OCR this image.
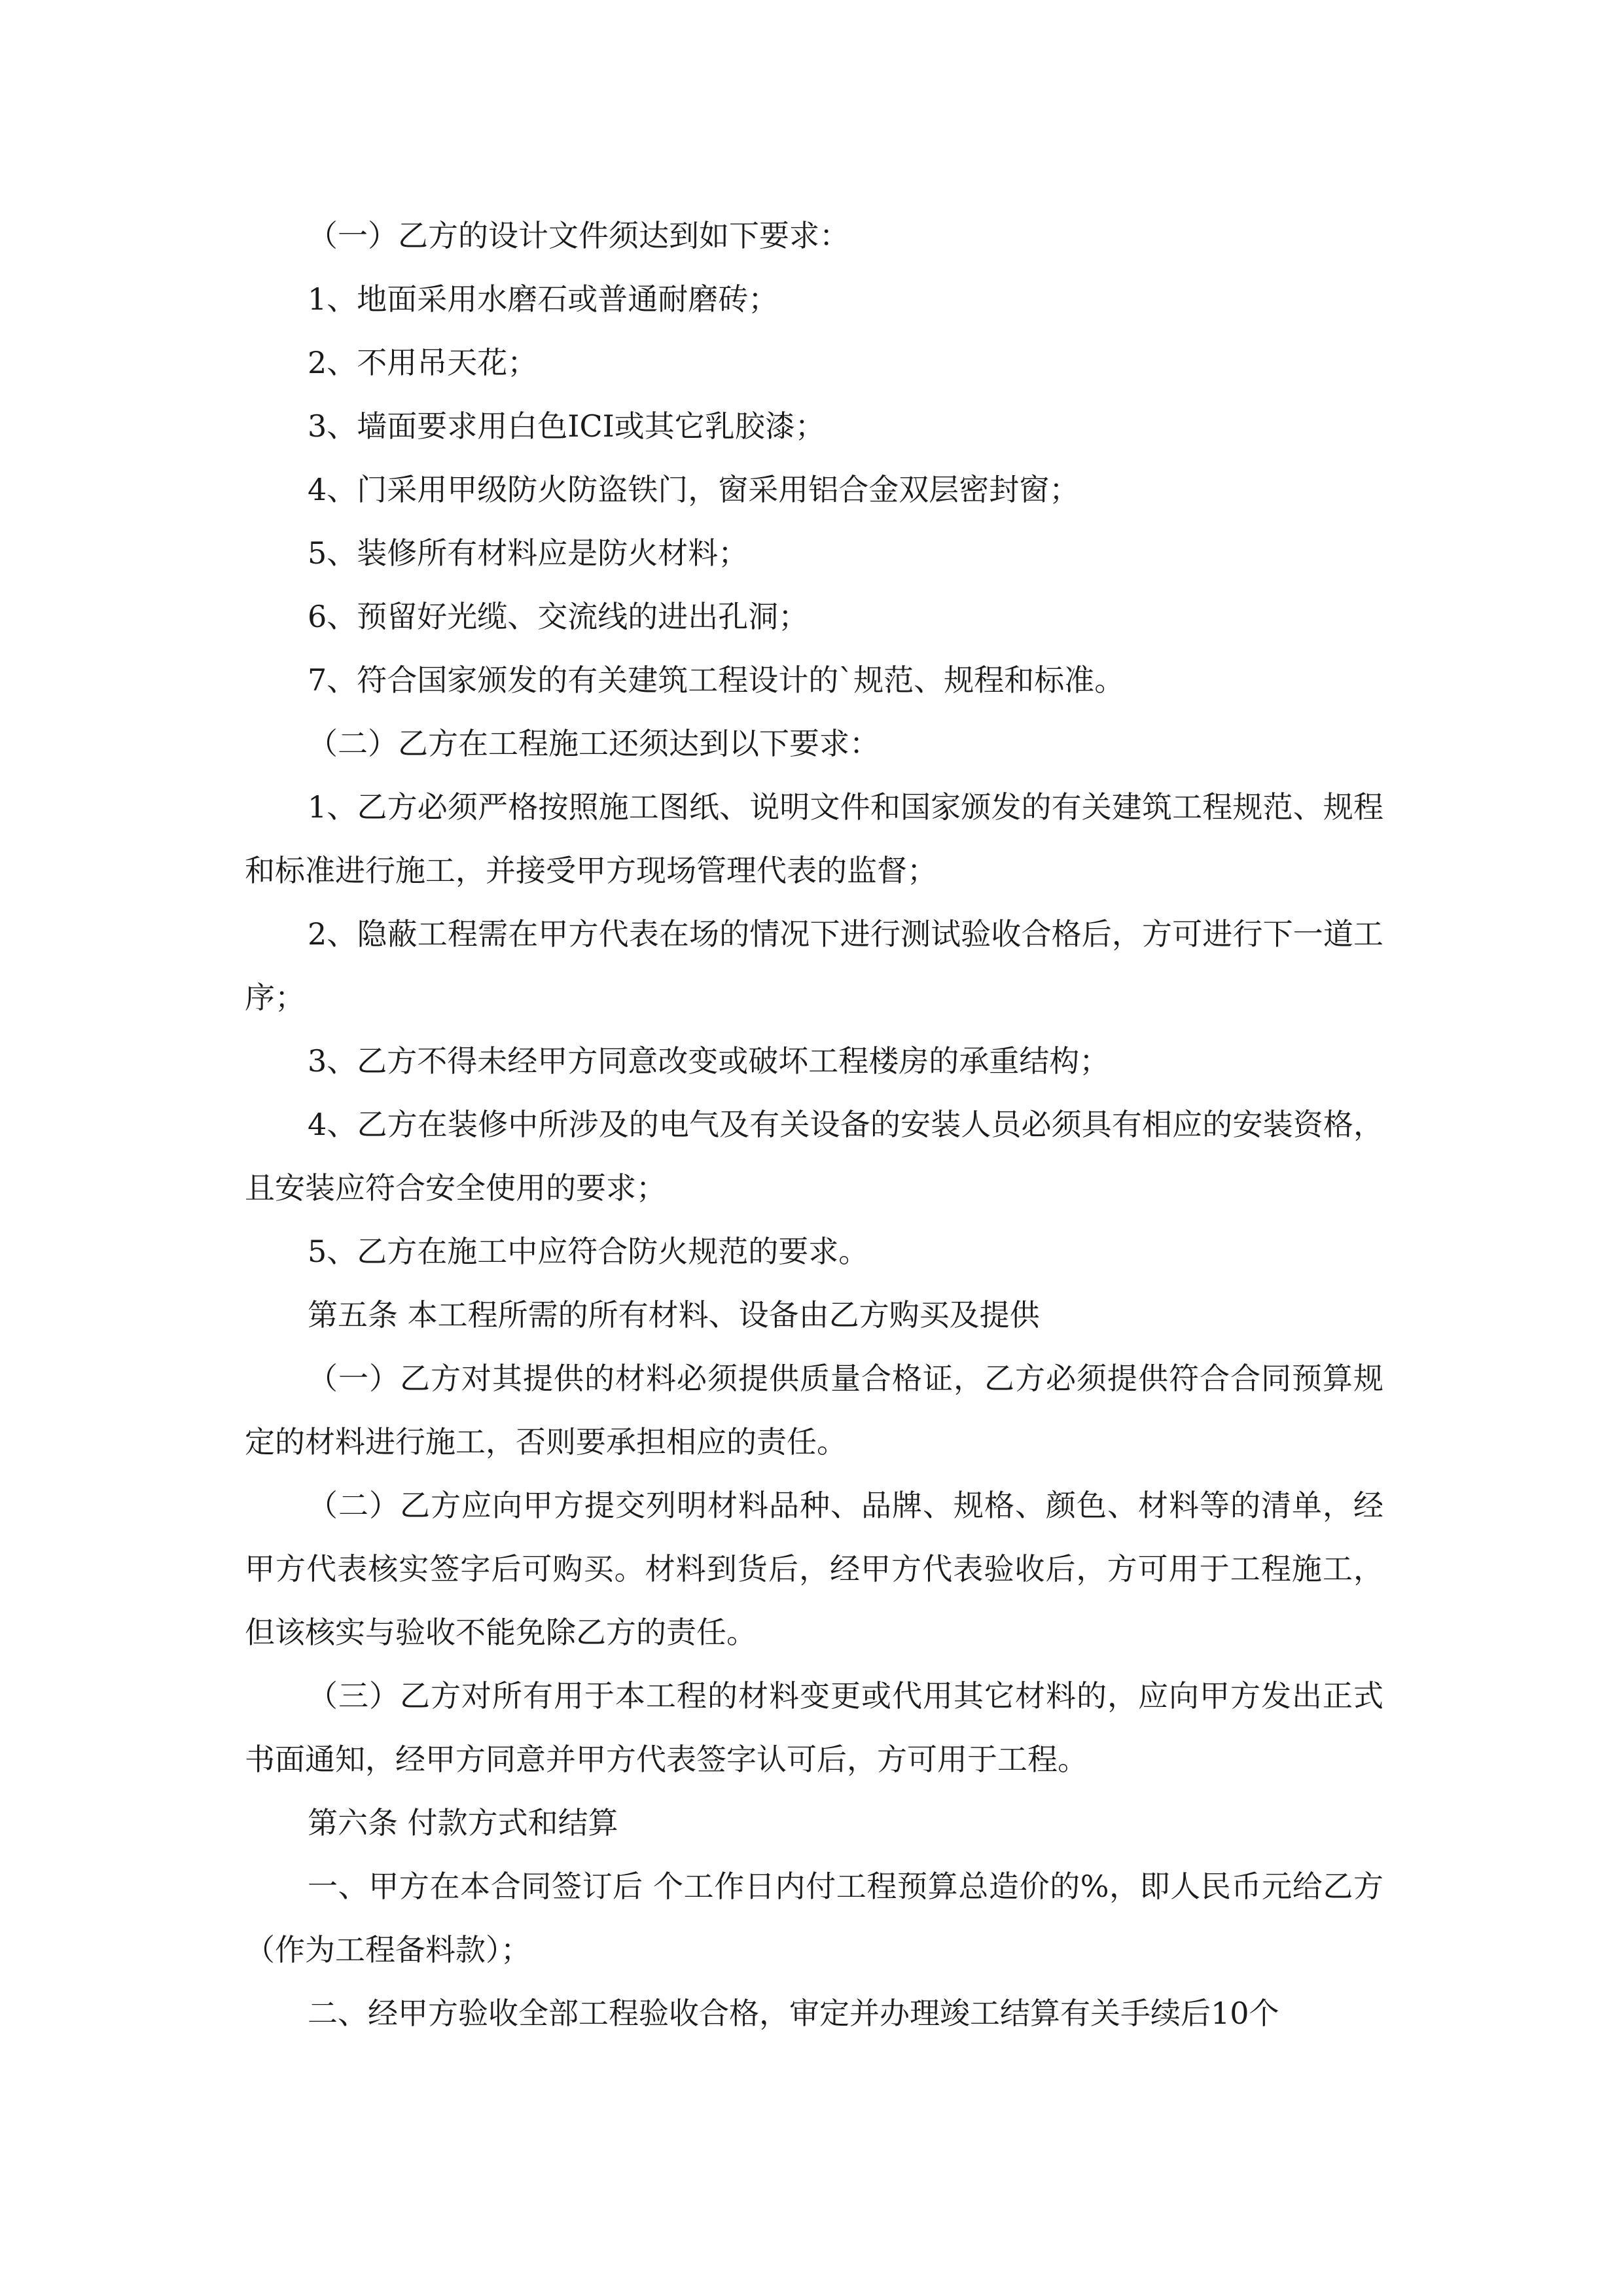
（一）乙方的设计文件须达到如下要求：

1、地面采用水磨石或普通耐磨砖；

2、不用吊天花；

3、墙面要求用白色ICI或其它乳胶漆；

4、门采用甲级防火防盗铁门，窗采用铝合金双层密封窗；

5、装修所有材料应是防火材料；

6、预留好光缆、交流线的进出孔洞；

7、符合国家颁发的有关建筑工程设计的`规范、规程和标准。

（二）乙方在工程施工还须达到以下要求：

1、乙方必须严格按照施工图纸、说明文件和国家颁发的有关建筑工程规范、规程和标准进行施工，并接受甲方现场管理代表的监督；

2、隐蔽工程需在甲方代表在场的情况下进行测试验收合格后，方可进行下一道工序；

3、乙方不得未经甲方同意改变或破坏工程楼房的承重结构；

4、乙方在装修中所涉及的电气及有关设备的安装人员必须具有相应的安装资格，且安装应符合安全使用的要求；

5、乙方在施工中应符合防火规范的要求。

第五条 本工程所需的所有材料、设备由乙方购买及提供

（一）乙方对其提供的材料必须提供质量合格证，乙方必须提供符合合同预算规定的材料进行施工，否则要承担相应的责任。

（二）乙方应向甲方提交列明材料品种、品牌、规格、颜色、材料等的清单，经甲方代表核实签字后可购买。材料到货后，经甲方代表验收后，方可用于工程施工，但该核实与验收不能免除乙方的责任。

（三）乙方对所有用于本工程的材料变更或代用其它材料的，应向甲方发出正式书面通知，经甲方同意并甲方代表签字认可后，方可用于工程。

第六条 付款方式和结算

一、甲方在本合同签订后 个工作日内付工程预算总造价的%，即人民币元给乙方（作为工程备料款）；

二、经甲方验收全部工程验收合格，审定并办理竣工结算有关手续后10个
